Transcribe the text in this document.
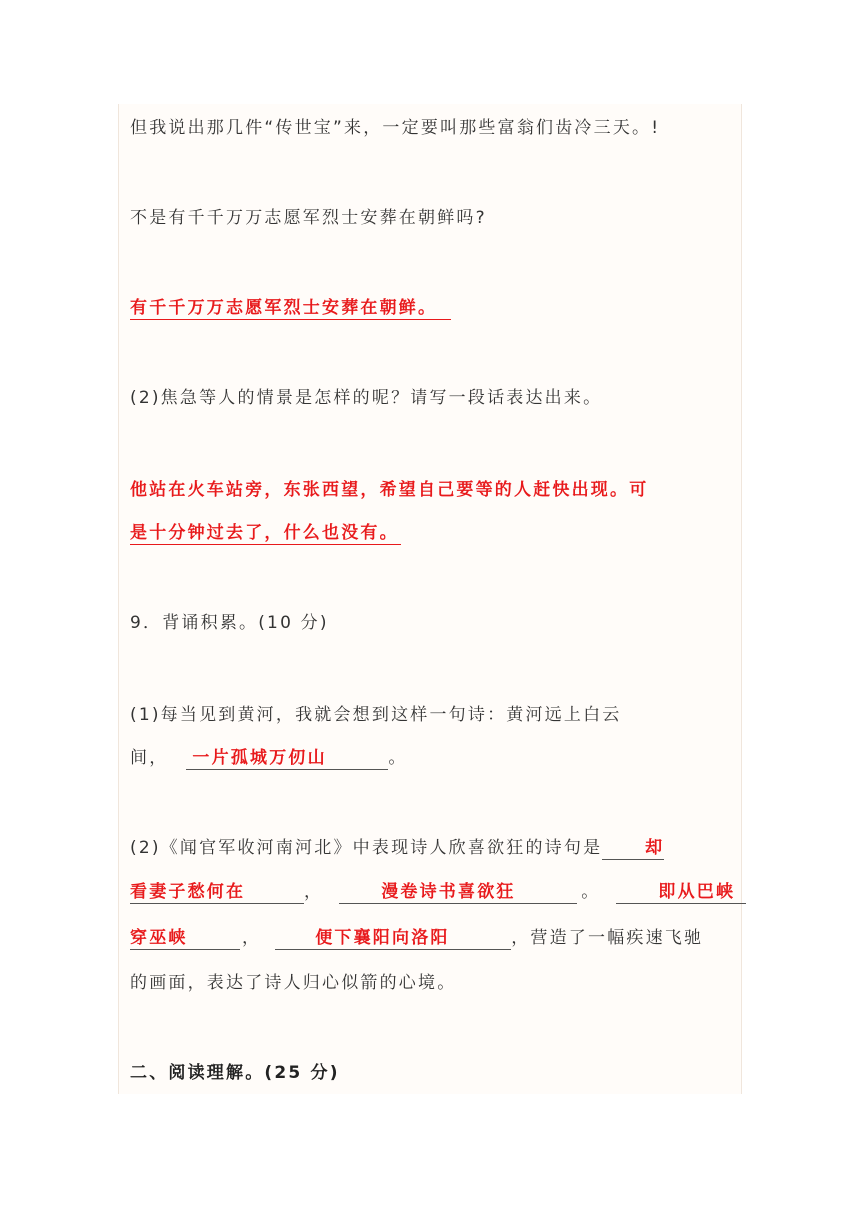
但我说出那几件“传世宝”来，一定要叫那些富翁们齿冷三天。!
不是有千千万万志愿军烈士安葬在朝鲜吗?
有千千万万志愿军烈士安葬在朝鲜。
(2)焦急等人的情景是怎样的呢？请写一段话表达出来。
他站在火车站旁，东张西望，希望自己要等的人赶快出现。可
是十分钟过去了，什么也没有。
9．背诵积累。(10 分)
(1)每当见到黄河，我就会想到这样一句诗：黄河远上白云
间， 一片孤城万仞山	。
(2)《闻官军收河南河北》中表现诗人欣喜欲狂的诗句是	却
看妻子愁何在	，	漫卷诗书喜欲狂	。	即从巴峡
穿巫峡	，	便下襄阳向洛阳	，营造了一幅疾速飞驰
的画面，表达了诗人归心似箭的心境。
二、阅读理解。(25 分)
